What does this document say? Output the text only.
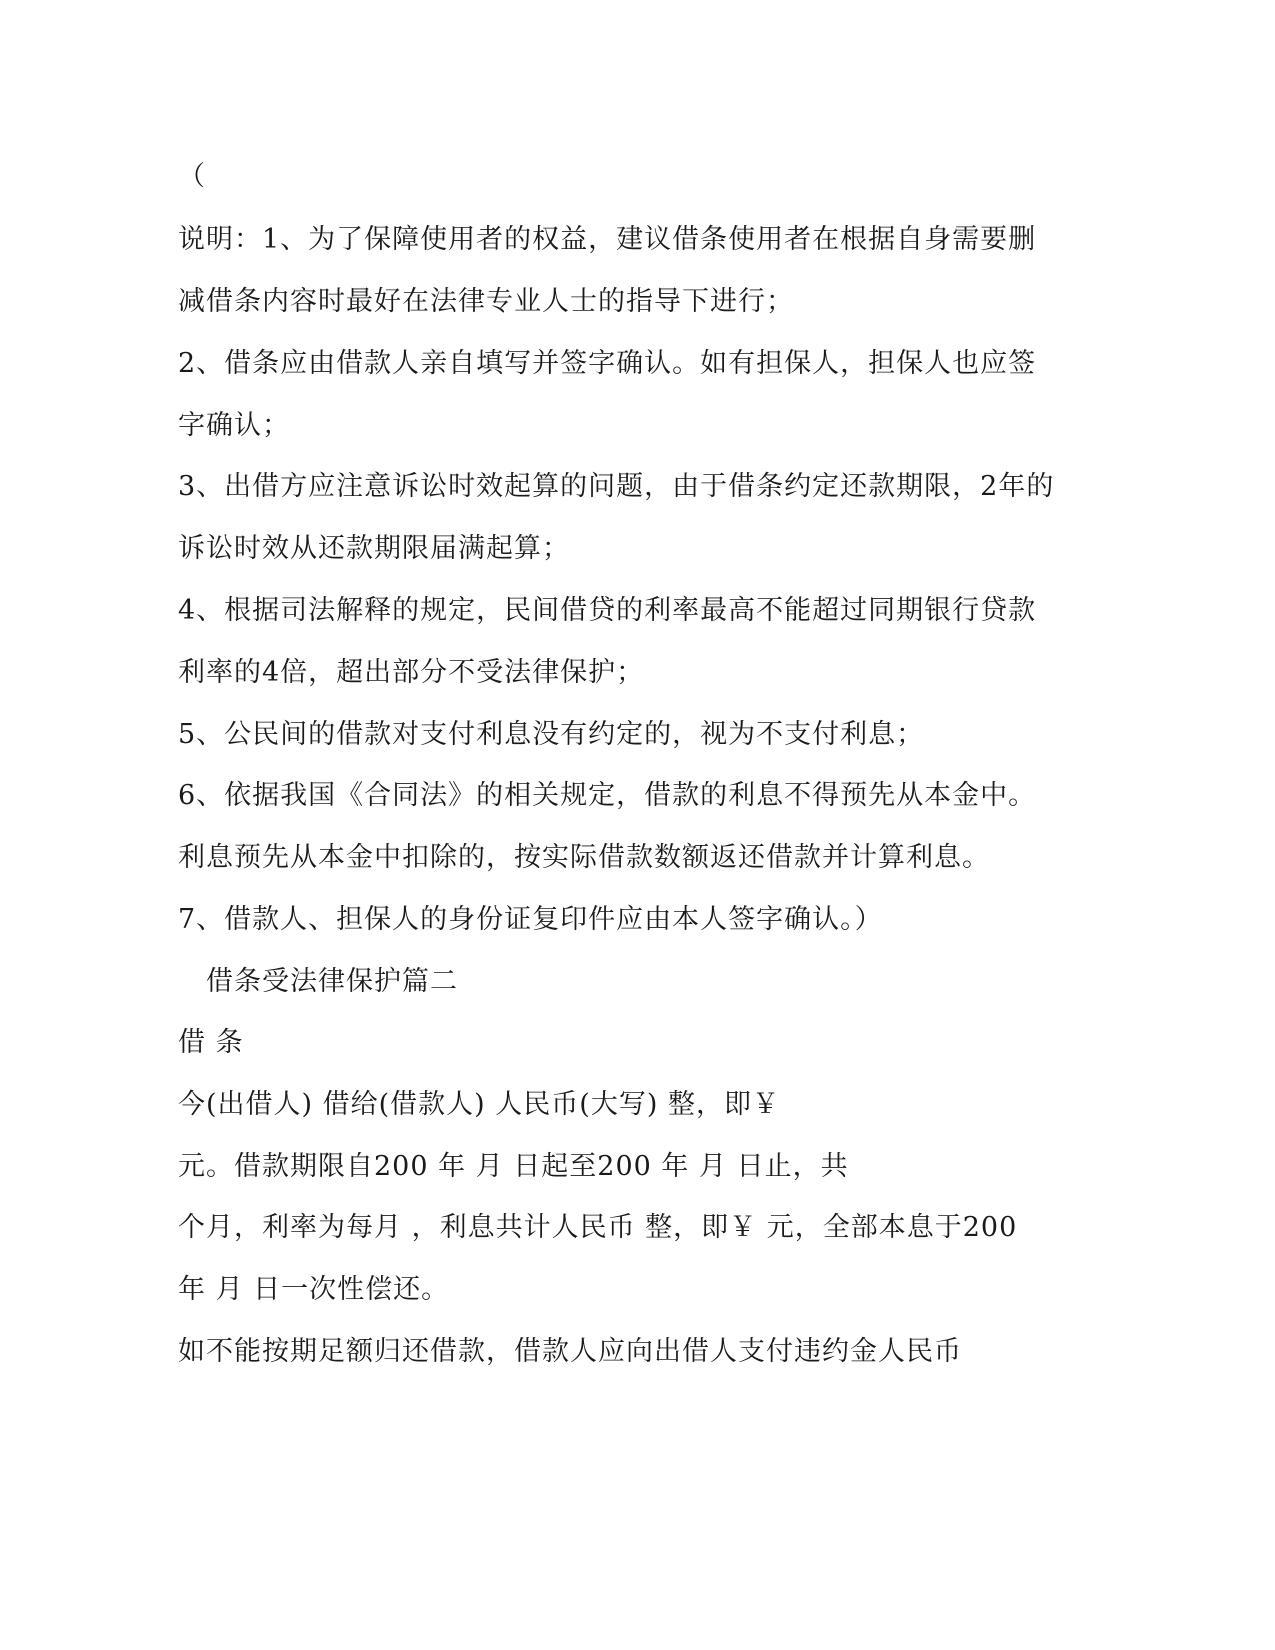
（
说明：1、为了保障使用者的权益，建议借条使用者在根据自身需要删
减借条内容时最好在法律专业人士的指导下进行；
2、借条应由借款人亲自填写并签字确认。如有担保人，担保人也应签
字确认；
3、出借方应注意诉讼时效起算的问题，由于借条约定还款期限，2年的
诉讼时效从还款期限届满起算；
4、根据司法解释的规定，民间借贷的利率最高不能超过同期银行贷款
利率的4倍，超出部分不受法律保护；
5、公民间的借款对支付利息没有约定的，视为不支付利息；
6、依据我国《合同法》的相关规定，借款的利息不得预先从本金中。
利息预先从本金中扣除的，按实际借款数额返还借款并计算利息。
7、借款人、担保人的身份证复印件应由本人签字确认。）
借条受法律保护篇二
借 条
今(出借人) 借给(借款人) 人民币(大写) 整，即￥
元。借款期限自200 年 月 日起至200 年 月 日止，共
个月，利率为每月 ，利息共计人民币 整，即￥ 元，全部本息于200
年 月 日一次性偿还。
如不能按期足额归还借款，借款人应向出借人支付违约金人民币
